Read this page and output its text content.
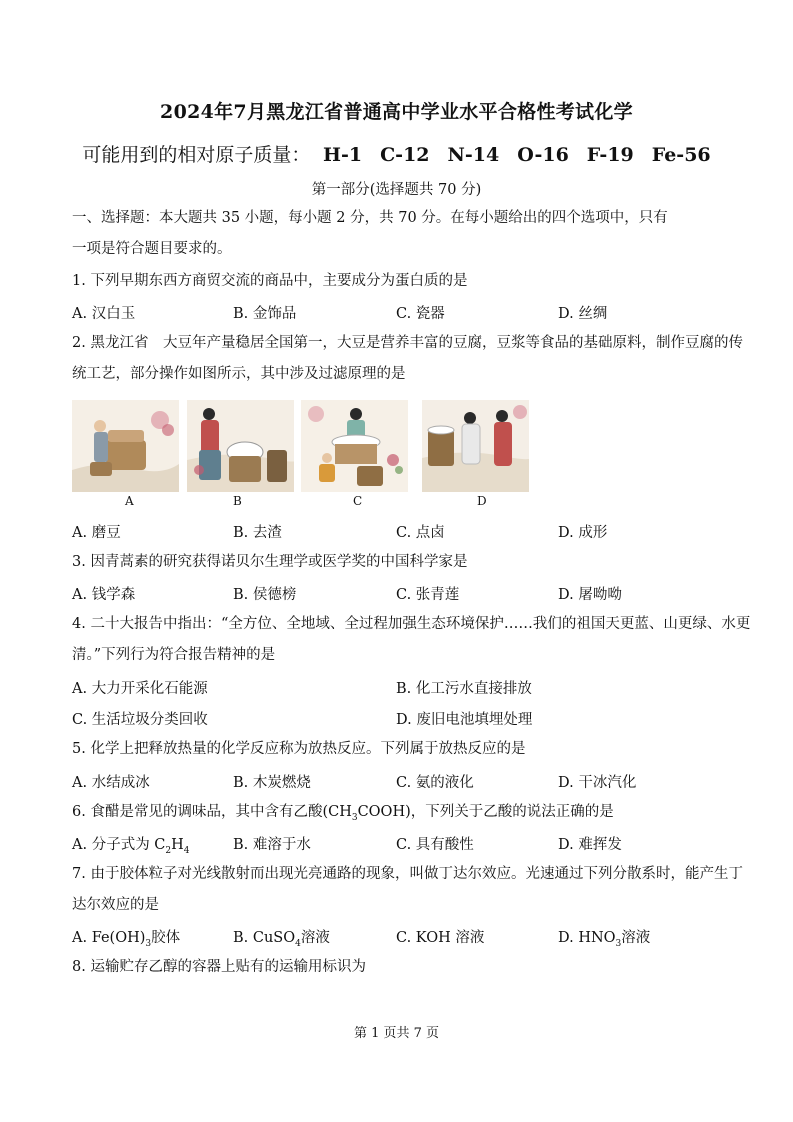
2024年7月黑龙江省普通高中学业水平合格性考试化学
可能用到的相对原子质量： H-1 C-12 N-14 O-16 F-19 Fe-56
第一部分(选择题共 70 分)
一、选择题：本大题共 35 小题，每小题 2 分，共 70 分。在每小题给出的四个选项中，只有
一项是符合题目要求的。
1. 下列早期东西方商贸交流的商品中，主要成分为蛋白质的是
A. 汉白玉	B. 金饰品	C. 瓷器	D. 丝绸
2. 黑龙江省　大豆年产量稳居全国第一，大豆是营养丰富的豆腐，豆浆等食品的基础原料，制作豆腐的传
统工艺，部分操作如图所示，其中涉及过滤原理的是
A	B	C	D
A. 磨豆	B. 去渣	C. 点卤	D. 成形
3. 因青蒿素的研究获得诺贝尔生理学或医学奖的中国科学家是
A. 钱学森	B. 侯德榜	C. 张青莲	D. 屠呦呦
4. 二十大报告中指出：“全方位、全地域、全过程加强生态环境保护……我们的祖国天更蓝、山更绿、水更
清。”下列行为符合报告精神的是
A. 大力开采化石能源	B. 化工污水直接排放
C. 生活垃圾分类回收	D. 废旧电池填埋处理
5. 化学上把释放热量的化学反应称为放热反应。下列属于放热反应的是
A. 水结成冰	B. 木炭燃烧	C. 氨的液化	D. 干冰汽化
6. 食醋是常见的调味品，其中含有乙酸$(CH_3COOH)$，下列关于乙酸的说法正确的是
A. 分子式为 $C_2H_4$	B. 难溶于水	C. 具有酸性	D. 难挥发
7. 由于胶体粒子对光线散射而出现光亮通路的现象，叫做丁达尔效应。光速通过下列分散系时，能产生丁
达尔效应的是
A. $Fe(OH)_3$胶体	B. CuSO$_4$溶液	C. KOH 溶液	D. $HNO_3$溶液
8. 运输贮存乙醇的容器上贴有的运输用标识为
第 1 页共 7 页
